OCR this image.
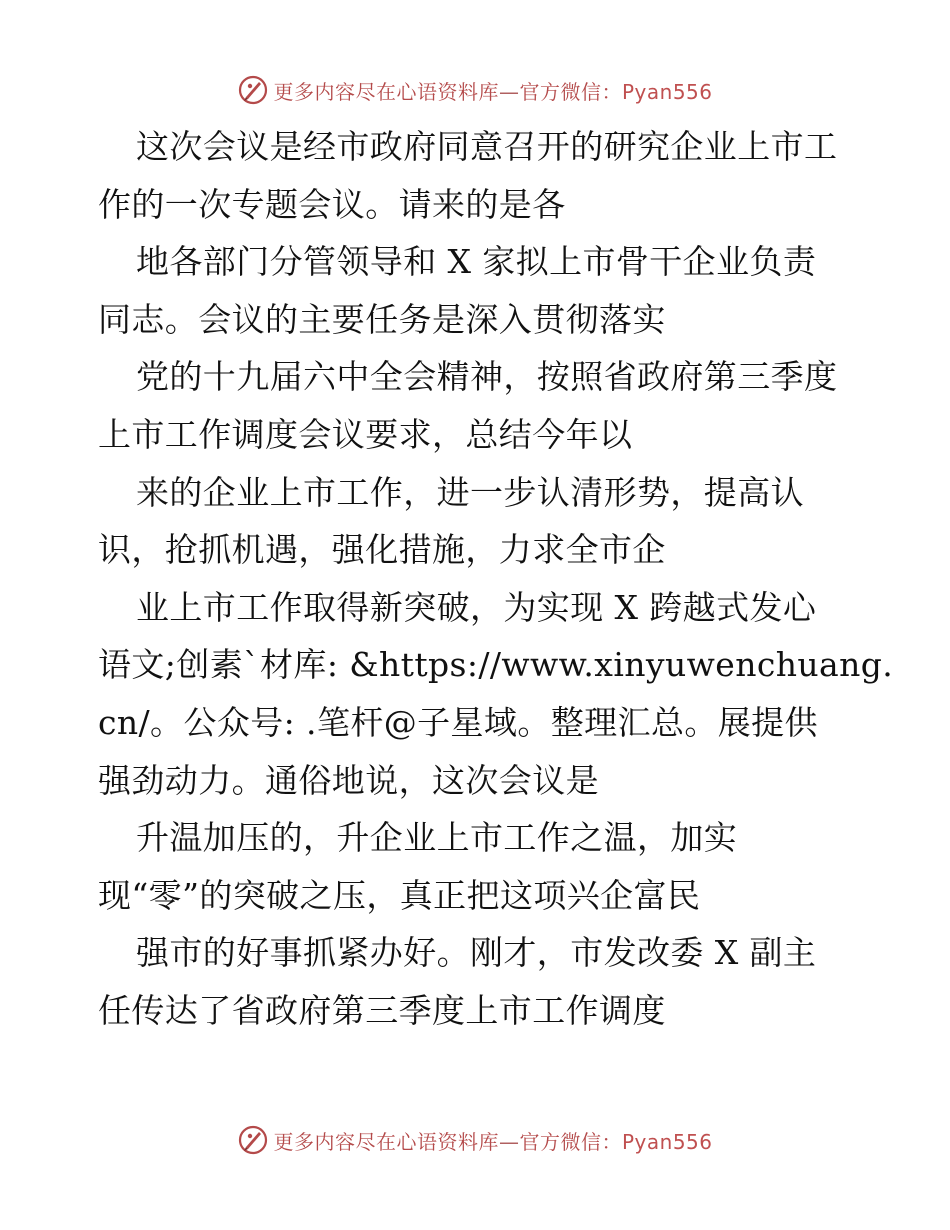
更多内容尽在心语资料库—官方微信：Pyan556
这次会议是经市政府同意召开的研究企业上市工
作的一次专题会议。请来的是各
地各部门分管领导和 X 家拟上市骨干企业负责
同志。会议的主要任务是深入贯彻落实
党的十九届六中全会精神，按照省政府第三季度
上市工作调度会议要求，总结今年以
来的企业上市工作，进一步认清形势，提高认
识，抢抓机遇，强化措施，力求全市企
业上市工作取得新突破，为实现 X 跨越式发心
语文;创素`材库: &https://www.xinyuwenchuang.
cn/。公众号: .笔杆@子星域。整理汇总。展提供
强劲动力。通俗地说，这次会议是
升温加压的，升企业上市工作之温，加实
现“零”的突破之压，真正把这项兴企富民
强市的好事抓紧办好。刚才，市发改委 X 副主
任传达了省政府第三季度上市工作调度
更多内容尽在心语资料库—官方微信：Pyan556
